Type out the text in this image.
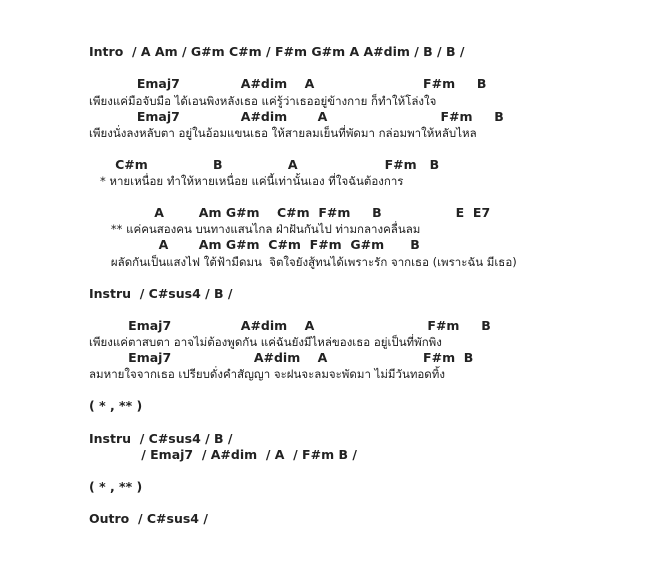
Intro  / A Am / G#m C#m / F#m G#m A A#dim / B / B /
Emaj7              A#dim    A                         F#m     B
เพียงแค่มือจับมือ ได้เอนพิงหลังเธอ แค่รู้ว่าเธออยู่ข้างกาย ก็ทำให้โล่งใจ
Emaj7              A#dim       A                          F#m     B
เพียงนั่งลงหลับตา อยู่ในอ้อมแขนเธอ ให้สายลมเย็นที่พัดมา กล่อมพาให้หลับไหล
C#m               B               A                    F#m   B
* หายเหนื่อย ทำให้หายเหนื่อย แค่นี้เท่านั้นเอง ที่ใจฉันต้องการ
A        Am G#m    C#m  F#m     B                 E  E7
** แค่คนสองคน บนทางแสนไกล ฝ่าฝันกันไป ท่ามกลางคลื่นลม
A       Am G#m  C#m  F#m  G#m      B
ผลัดกันเป็นแสงไฟ ใต้ฟ้ามืดมน  จิตใจยังสู้ทนได้เพราะรัก จากเธอ (เพราะฉัน มีเธอ)
Instru  / C#sus4 / B /
Emaj7                A#dim    A                          F#m     B
เพียงแค่ตาสบตา อาจไม่ต้องพูดกัน แค่ฉันยังมีไหล่ของเธอ อยู่เป็นที่พักพิง
Emaj7                   A#dim    A                      F#m  B
ลมหายใจจากเธอ เปรียบดั่งคำสัญญา จะฝนจะลมจะพัดมา ไม่มีวันทอดทิ้ง
( * , ** )
Instru  / C#sus4 / B /
/ Emaj7  / A#dim  / A  / F#m B /
( * , ** )
Outro  / C#sus4 /
